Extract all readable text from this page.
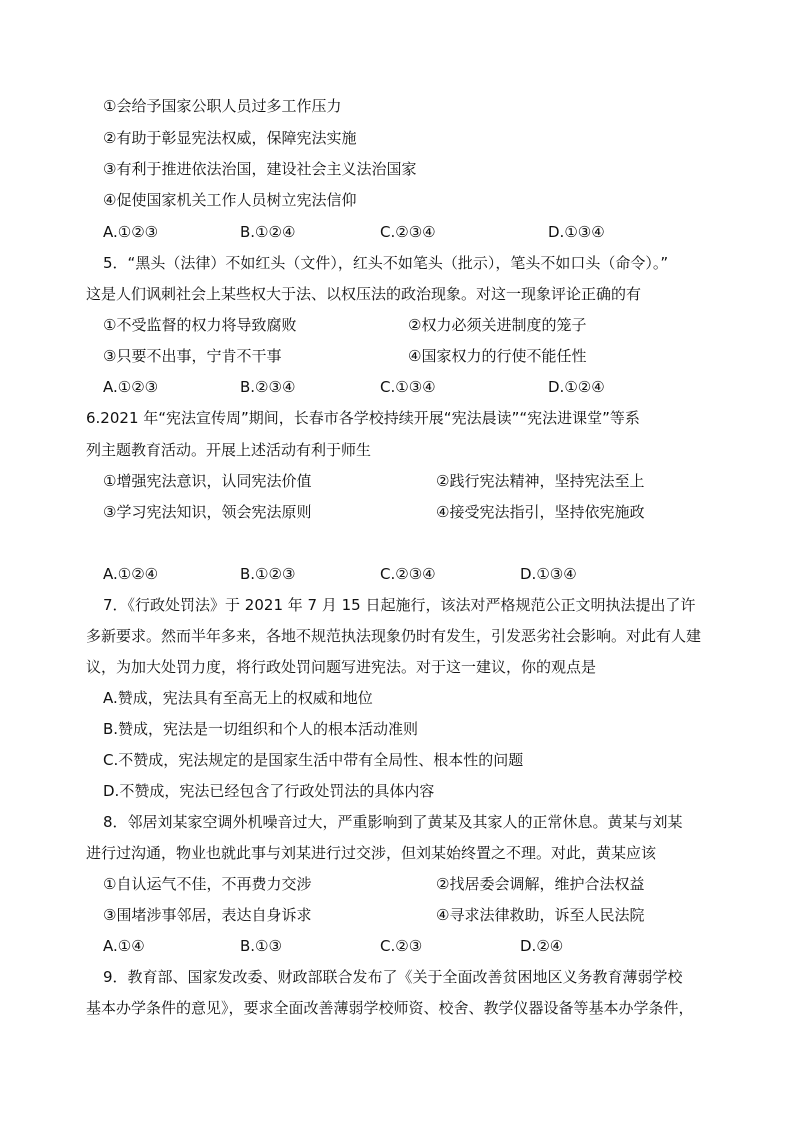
①会给予国家公职人员过多工作压力
②有助于彰显宪法权威，保障宪法实施
③有利于推进依法治国，建设社会主义法治国家
④促使国家机关工作人员树立宪法信仰
A.①②③	B.①②④	C.②③④	D.①③④
5．“黑头（法律）不如红头（文件），红头不如笔头（批示），笔头不如口头（命令）。”
这是人们讽刺社会上某些权大于法、以权压法的政治现象。对这一现象评论正确的有
①不受监督的权力将导致腐败	②权力必须关进制度的笼子
③只要不出事，宁肯不干事	④国家权力的行使不能任性
A.①②③	B.②③④	C.①③④	D.①②④
6.2021 年“宪法宣传周”期间，长春市各学校持续开展“宪法晨读”“宪法进课堂”等系
列主题教育活动。开展上述活动有利于师生
①增强宪法意识，认同宪法价值	②践行宪法精神，坚持宪法至上
③学习宪法知识，领会宪法原则	④接受宪法指引，坚持依宪施政
A.①②④	B.①②③	C.②③④	D.①③④
7．《行政处罚法》于 2021 年 7 月 15 日起施行，该法对严格规范公正文明执法提出了许
多新要求。然而半年多来，各地不规范执法现象仍时有发生，引发恶劣社会影响。对此有人建
议，为加大处罚力度，将行政处罚问题写进宪法。对于这一建议，你的观点是
A.赞成，宪法具有至高无上的权威和地位
B.赞成，宪法是一切组织和个人的根本活动准则
C.不赞成，宪法规定的是国家生活中带有全局性、根本性的问题
D.不赞成，宪法已经包含了行政处罚法的具体内容
8．邻居刘某家空调外机噪音过大，严重影响到了黄某及其家人的正常休息。黄某与刘某
进行过沟通，物业也就此事与刘某进行过交涉，但刘某始终置之不理。对此，黄某应该
①自认运气不佳，不再费力交涉	②找居委会调解，维护合法权益
③围堵涉事邻居，表达自身诉求	④寻求法律救助，诉至人民法院
A.①④	B.①③	C.②③	D.②④
9．教育部、国家发改委、财政部联合发布了《关于全面改善贫困地区义务教育薄弱学校
基本办学条件的意见》，要求全面改善薄弱学校师资、校舍、教学仪器设备等基本办学条件，
